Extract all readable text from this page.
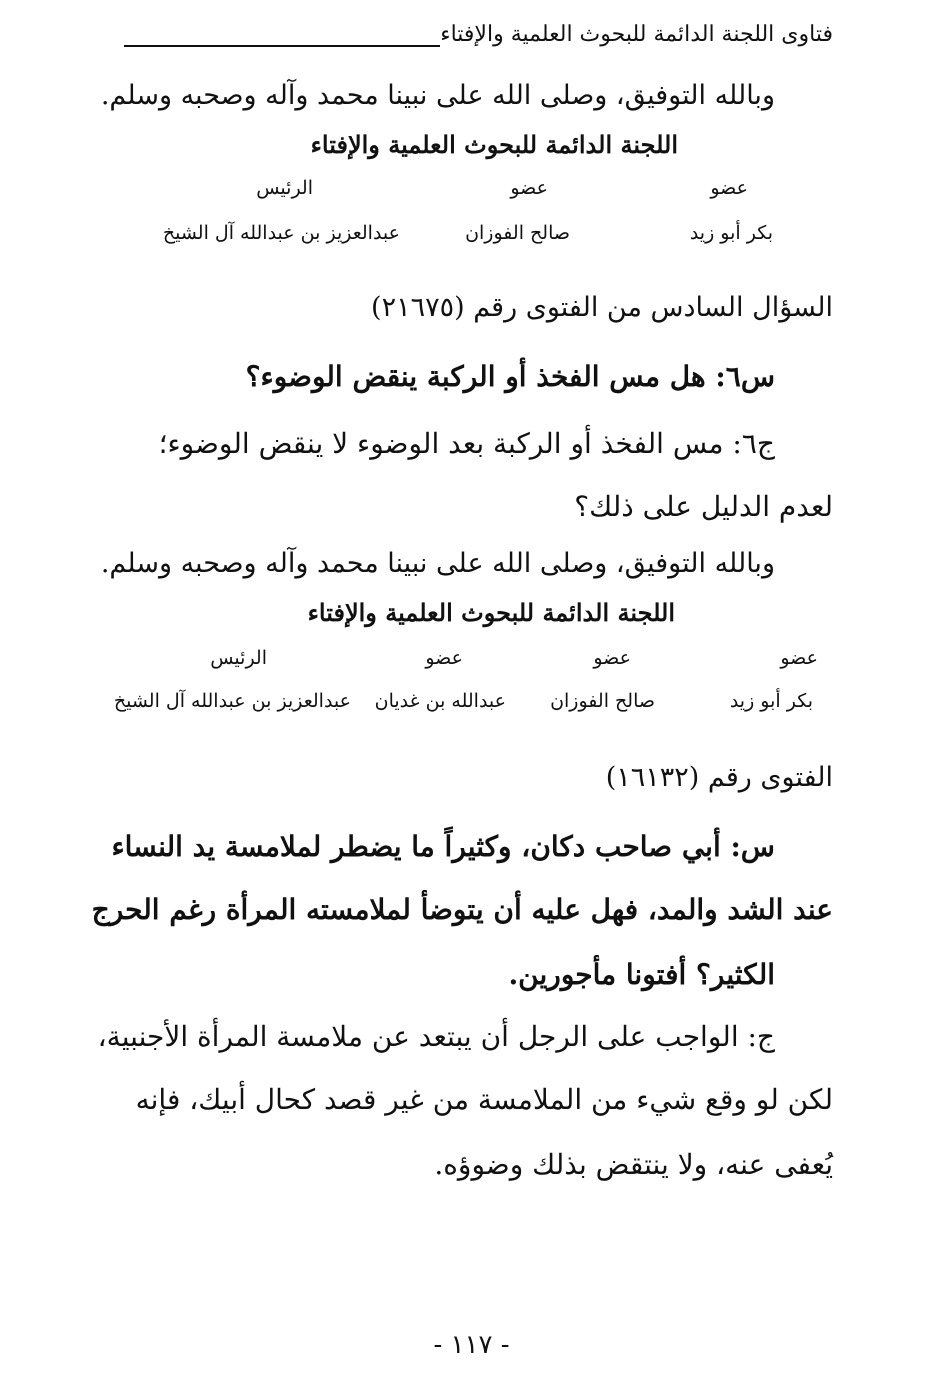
فتاوى اللجنة الدائمة للبحوث العلمية والإفتاء
وبالله التوفيق، وصلى الله على نبينا محمد وآله وصحبه وسلم.
اللجنة الدائمة للبحوث العلمية والإفتاء
عضو
عضو
الرئيس
بكر أبو زيد
صالح الفوزان
عبدالعزيز بن عبدالله آل الشيخ
السؤال السادس من الفتوى رقم (٢١٦٧٥)
س٦: هل مس الفخذ أو الركبة ينقض الوضوء؟
ج٦: مس الفخذ أو الركبة بعد الوضوء لا ينقض الوضوء؛
لعدم الدليل على ذلك؟
وبالله التوفيق، وصلى الله على نبينا محمد وآله وصحبه وسلم.
اللجنة الدائمة للبحوث العلمية والإفتاء
عضو
عضو
عضو
الرئيس
بكر أبو زيد
صالح الفوزان
عبدالله بن غديان
عبدالعزيز بن عبدالله آل الشيخ
الفتوى رقم (١٦١٣٢)
س: أبي صاحب دكان، وكثيراً ما يضطر لملامسة يد النساء
عند الشد والمد، فهل عليه أن يتوضأ لملامسته المرأة رغم الحرج
الكثير؟ أفتونا مأجورين.
ج: الواجب على الرجل أن يبتعد عن ملامسة المرأة الأجنبية،
لكن لو وقع شيء من الملامسة من غير قصد كحال أبيك، فإنه
يُعفى عنه، ولا ينتقض بذلك وضوؤه.
- ١١٧ -
